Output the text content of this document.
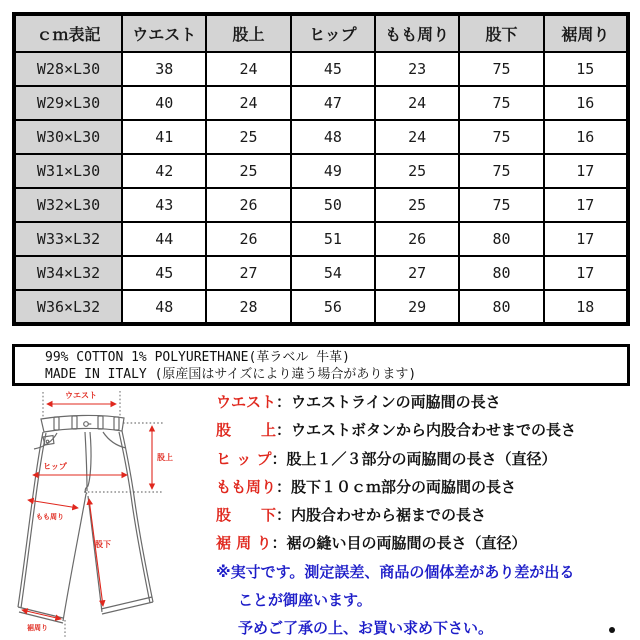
ｃｍ表記	ウエスト	股上	ヒップ	もも周り	股下	裾周り
W28×L30	38	24	45	23	75	15
W29×L30	40	24	47	24	75	16
W30×L30	41	25	48	24	75	16
W31×L30	42	25	49	25	75	17
W32×L30	43	26	50	25	75	17
W33×L32	44	26	51	26	80	17
W34×L32	45	27	54	27	80	17
W36×L32	48	28	56	29	80	18
99% COTTON 1% POLYURETHANE(革ラベル 牛革)
MADE IN ITALY (原産国はサイズにより違う場合があります)
ウエスト
ヒップ
股上
もも周り
股下
裾周り
ウエスト ： ウエストラインの両脇間の長さ
股　　上 ： ウエストボタンから内股合わせまでの長さ
ヒ ッ プ ： 股上１／３部分の両脇間の長さ（直径）
もも周り ： 股下１０ｃｍ部分の両脇間の長さ
股　　下 ： 内股合わせから裾までの長さ
裾 周 り ： 裾の縫い目の両脇間の長さ（直径）
※実寸です。測定誤差、商品の個体差があり差が出る
ことが御座います。
予めご了承の上、お買い求め下さい。
